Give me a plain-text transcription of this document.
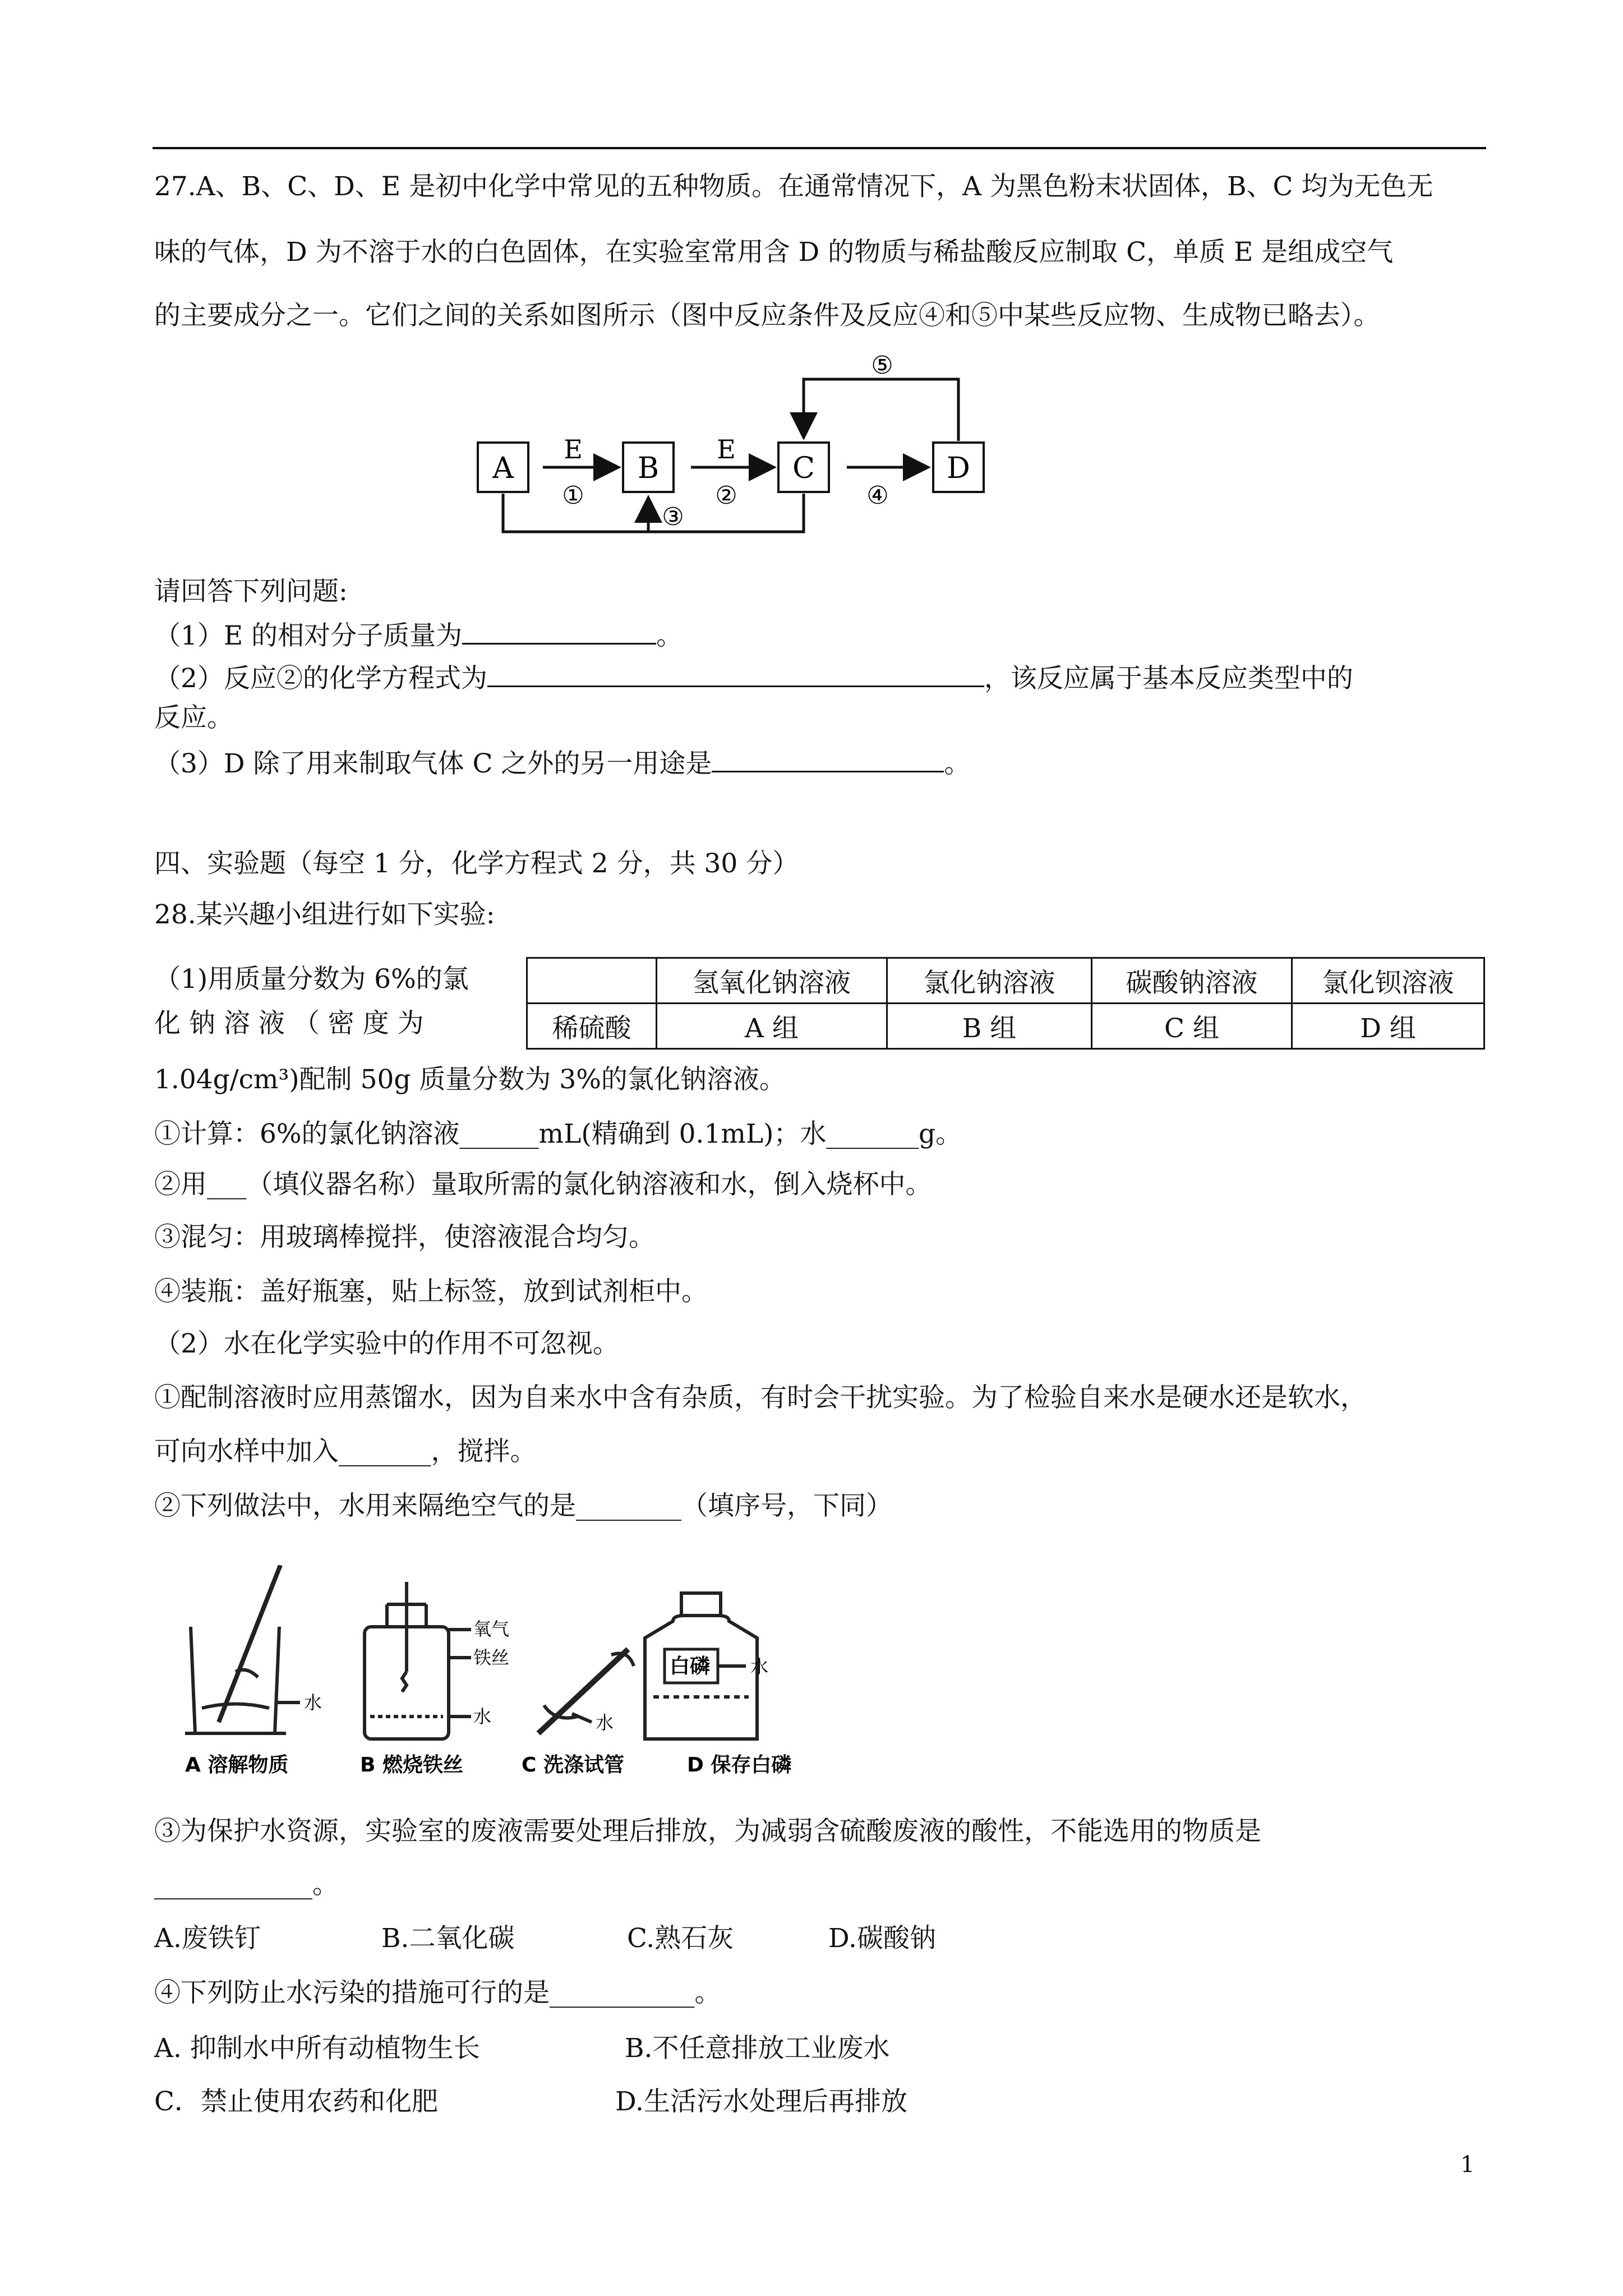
27.A、B、C、D、E 是初中化学中常见的五种物质。在通常情况下，A 为黑色粉末状固体，B、C 均为无色无
味的气体，D 为不溶于水的白色固体，在实验室常用含 D 的物质与稀盐酸反应制取 C，单质 E 是组成空气
的主要成分之一。它们之间的关系如图所示（图中反应条件及反应④和⑤中某些反应物、生成物已略去）。
A	B	C	D
E
①
E
②	④
③
⑤
请回答下列问题:
（1）E 的相对分子质量为	。
（2）反应②的化学方程式为	，该反应属于基本反应类型中的
反应。
（3）D 除了用来制取气体 C 之外的另一用途是	。
四、实验题（每空 1 分，化学方程式 2 分，共 30 分）
28.某兴趣小组进行如下实验:
（1)用质量分数为 6%的氯
化 钠 溶 液 （ 密 度 为
	氢氧化钠溶液	氯化钠溶液	碳酸钠溶液	氯化钡溶液
稀硫酸	A 组	B 组	C 组	D 组
1.04g/cm³)配制 50g 质量分数为 3%的氯化钠溶液。
①计算：6%的氯化钠溶液______mL(精确到 0.1mL)；水_______g。
②用___（填仪器名称）量取所需的氯化钠溶液和水，倒入烧杯中。
③混匀：用玻璃棒搅拌，使溶液混合均匀。
④装瓶：盖好瓶塞，贴上标签，放到试剂柜中。
（2）水在化学实验中的作用不可忽视。
①配制溶液时应用蒸馏水，因为自来水中含有杂质，有时会干扰实验。为了检验自来水是硬水还是软水，
可向水样中加入_______，搅拌。
②下列做法中，水用来隔绝空气的是________（填序号，下同）
水
氧气
铁丝
水	水
水
白磷
A 溶解物质	B 燃烧铁丝	C 洗涤试管	D 保存白磷
③为保护水资源，实验室的废液需要处理后排放，为减弱含硫酸废液的酸性，不能选用的物质是
____________。
A.废铁钉	B.二氧化碳	C.熟石灰	D.碳酸钠
④下列防止水污染的措施可行的是___________。
A. 抑制水中所有动植物生长	B.不任意排放工业废水
C．禁止使用农药和化肥	D.生活污水处理后再排放
1
